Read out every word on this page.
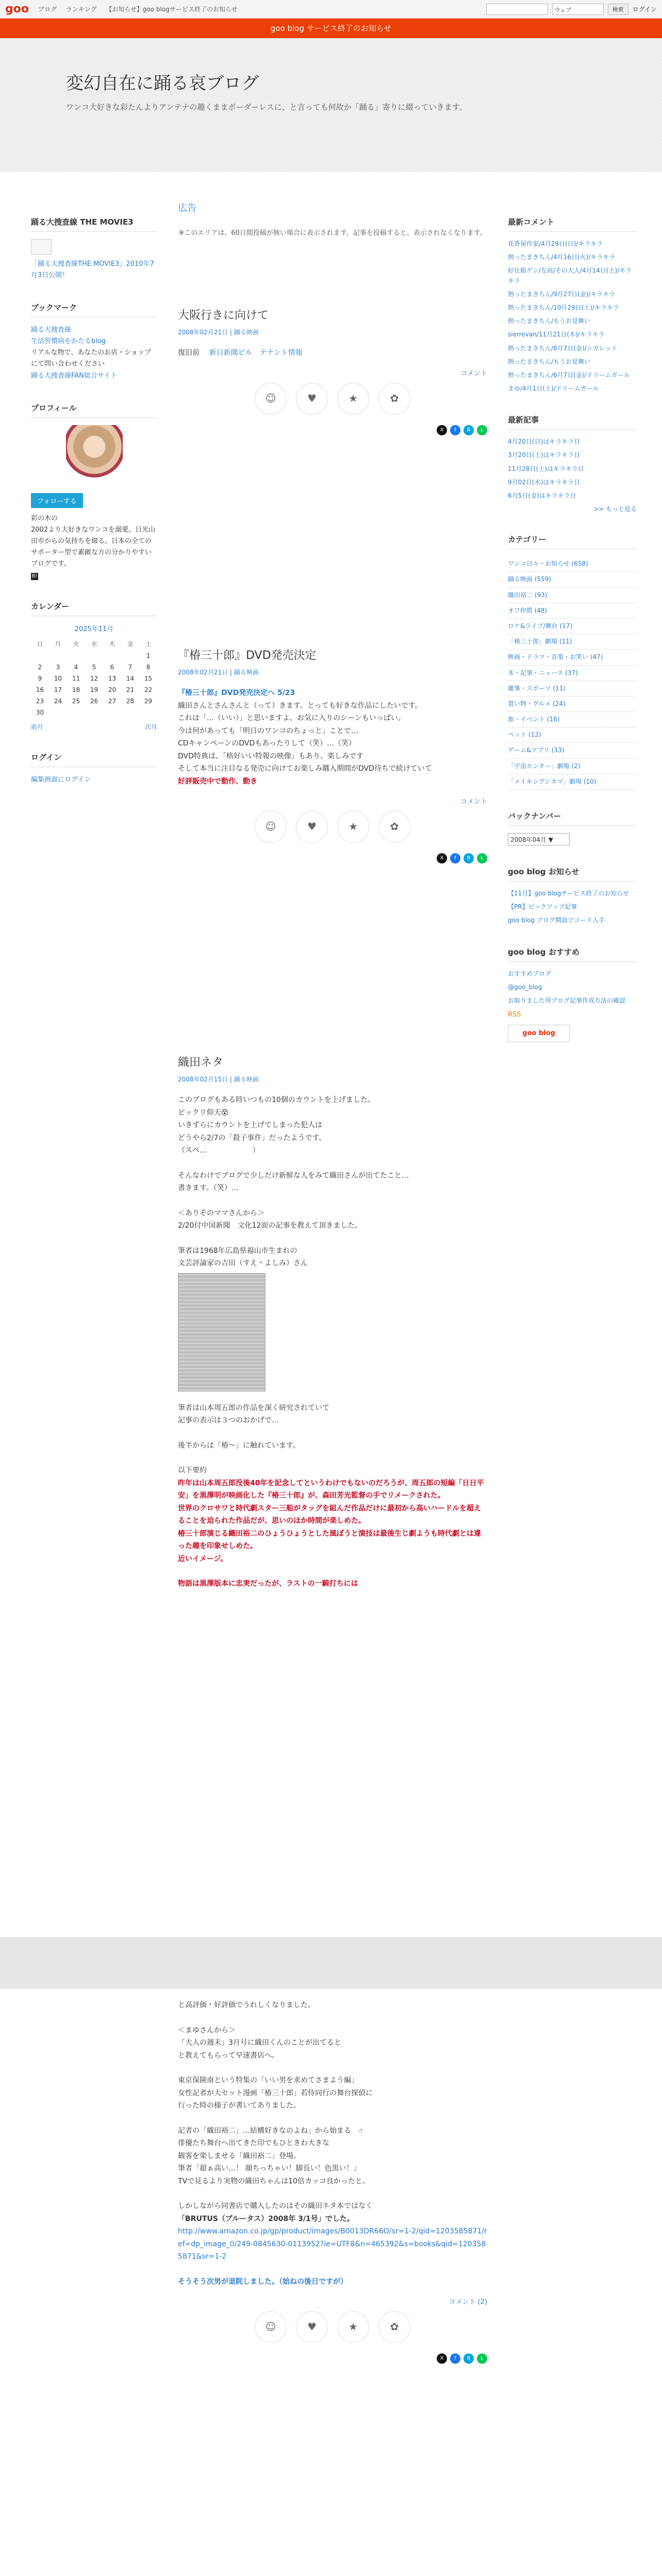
goo ブログ ランキング 【お知らせ】goo blogサービス終了のお知らせ	ウェブ	検索	ログイン
goo blog サービス終了のお知らせ
変幻自在に踊る哀ブログ
ワンコ大好きな彩たんよりアンテナの趣くままボーダーレスに、と言っても何故か「踊る」寄りに綴っていきます。
踊る大捜査線 THE MOVIE3
「踊る大捜査線THE MOVIE3」2010年7月3日公開！
ブックマーク
踊る大捜査線
生活習慣病をかたるblog
リアルな物で、あなたのお店・ショップにて問い合わせください
踊る大捜査線FAN総合サイト
プロフィール
フォローする
彩の木の
2002より大好きなワンコを溺愛。日光山田市からの気持ちを綴る。日本の全てのサポーター型で素敵な方の分かりやすいブログです。
B!
カレンダー
2025年11月
日	月	火	水	木	金	土
						1
2	3	4	5	6	7	8
9	10	11	12	13	14	15
16	17	18	19	20	21	22
23	24	25	26	27	28	29
30						
前月	次月
ログイン
編集画面にログイン
広告
※このエリアは、60日間投稿が無い場合に表示されます。記事を投稿すると、表示されなくなります。
大阪行きに向けて
2008年02月21日 | 踊る映画
復旧前 　新日新聞ビル　テナント情報
コメント
☺	♥	★	✿
X	f	B	L
『椿三十郎』DVD発売決定
2008年02月21日 | 踊る映画
『椿三十郎』DVD発売決定へ 5/23
織田さんとさんさんと（って）きます。とっても好きな作品にしたいです。
これは「…（いい）」と思いますよ、お気に入りのシーンもいっぱい。
今は何があっても「明日のワンコのちょっと」ことで…
CDキャンペーンのDVDもあったりして（笑）…（笑）
DVD特典は、「格好いい特報の映像」もあり、楽しみです
そして本当に注目なる発売に向けてお楽しみ購入期間がDVD待ちで続けていて
好評販売中で動作、動き
コメント
☺	♥	★	✿
X	f	B	L
織田ネタ
2008年02月15日 | 踊る映画
このブログもある時いつもの10個のカウントを上げました。
ピックリ仰天😵
いきずらにカウントを上げてしまった犯人は
どうやら2/7の「殺子事件」だったようです。
（スペ… 　　　　　　）
そんなわけでブログで少しだけ新鮮な人をみて織田さんが出てたこと…
書きます。（笑）…
＜ありそのママさんから＞
2/20付中国新聞　文化12面の記事を教えて頂きました。
筆者は1968年広島県福山市生まれの
文芸評論家の吉田（すえ・よしみ）さん
筆者は山本周五郎の作品を深く研究されていて
記事の表示は３つのおかげで…
後半からは「椿〜」に触れています。
以下要約
昨年は山本周五郎没後40年を記念してというわけでもないのだろうが、周五郎の短編「日日平安」を黒澤明が映画化した『椿三十郎』が、森田芳光監督の手でリメークされた。
世界のクロサワと時代劇スター三船がタッグを組んだ作品だけに最初から高いハードルを超えることを迫られた作品だが、思いのほか時間が楽しめた。
椿三十郎演じる織田裕二のひょうひょうとした風ぼうと演技は最後生じ劇ようも時代劇とは違った趣を印象せしめた。
近いイメージ。
物語は黒澤版本に忠実だったが、ラストの一騎打ちには
と高評価・好評価でうれしくなりました。
＜まゆさんから＞
「大人の週末」3月号に織田くんのことが出てると
と教えてもらって早速書店へ。
東京保険南という特集の「いい男を求めてさまよう編」
女性記者が大セット漫画「椿三十郎」若侍同行の舞台探偵に
行った時の様子が書いてありました。
記者の「織田裕二」…結構好きなのよね」から始まる　☝
俳優たち舞台へ出てきた印でもひときわ大きな
観客を楽しませる「織田裕二」登場。
筆者「超ぁ高い…！ 顔ちっちゃい！脚長い！色黒い！」
TVで見るより実物の織田ちゃんは10倍カッコ良かったと。
しかしながら同書店で購入したのはその織田ネタ本ではなく
「BRUTUS（ブルータス）2008年 3/1号」でした。
http://www.amazon.co.jp/gp/product/images/B0013DR66O/sr=1-2/qid=1203585871/ref=dp_image_0/249-0845630-0113952?ie=UTF8&n=465392&s=books&qid=1203585871&sr=1-2
そうそう次男が退院しました。（始ねの後日ですが）
コメント (2)
☺	♥	★	✿
X	f	B	L
最新コメント
花香屋作家/4月29日(日)/キラキラ
熱ったまきちん/4月16日(火)/キラキラ
好仕組ゲン/左肩/その大人/4月14日(土)/キラキラ
熱ったまきちん/9月27日(金)/キラキラ
熱ったまきちん/10月29日(土)/キラキラ
熱ったまきちん/もうお見舞い
sierrevan/11月21日(木)/キラキラ
熱ったまきちん/8月7日(金)/シガレット
熱ったまきちん/もうお見舞い
熱ったまきちん/6月7日(金)/ドリームガール
まゆ/4月1日(土)/ドリームガール
最新記事
4月20日(日)はキラキラ日
3月20日(土)はキラキラ日
11月28日(土)はキラキラ日
9月02日(水)はキラキラ日
6月5日(金)はキラキラ日
>> もっと見る
カテゴリー
ワンコ日々・お知らせ (658)
踊る映画 (559)
織田裕二 (93)
オフ仲間 (48)
ロケ&ライブ/舞台 (17)
「椿三十郎」劇場 (11)
映画・ドラマ・音楽・お笑い (47)
本・記事・ニュース (37)
雑事・スポーツ (11)
買い物・グルメ (24)
旅・イベント (16)
ペット (12)
ゲーム&アプリ (33)
「宇宙センター」劇場 (2)
「メイキングシネマ」劇場 (10)
バックナンバー
2008年04月 ▼
goo blog お知らせ
【11月】goo blogサービス終了のお知らせ
【PR】ピックアップ記事
goo blog ブログ開設でコード入手
goo blog おすすめ
おすすめブログ
@goo_blog
お取りました用ブログ記事作成方法の確認
RSS
goo blog
